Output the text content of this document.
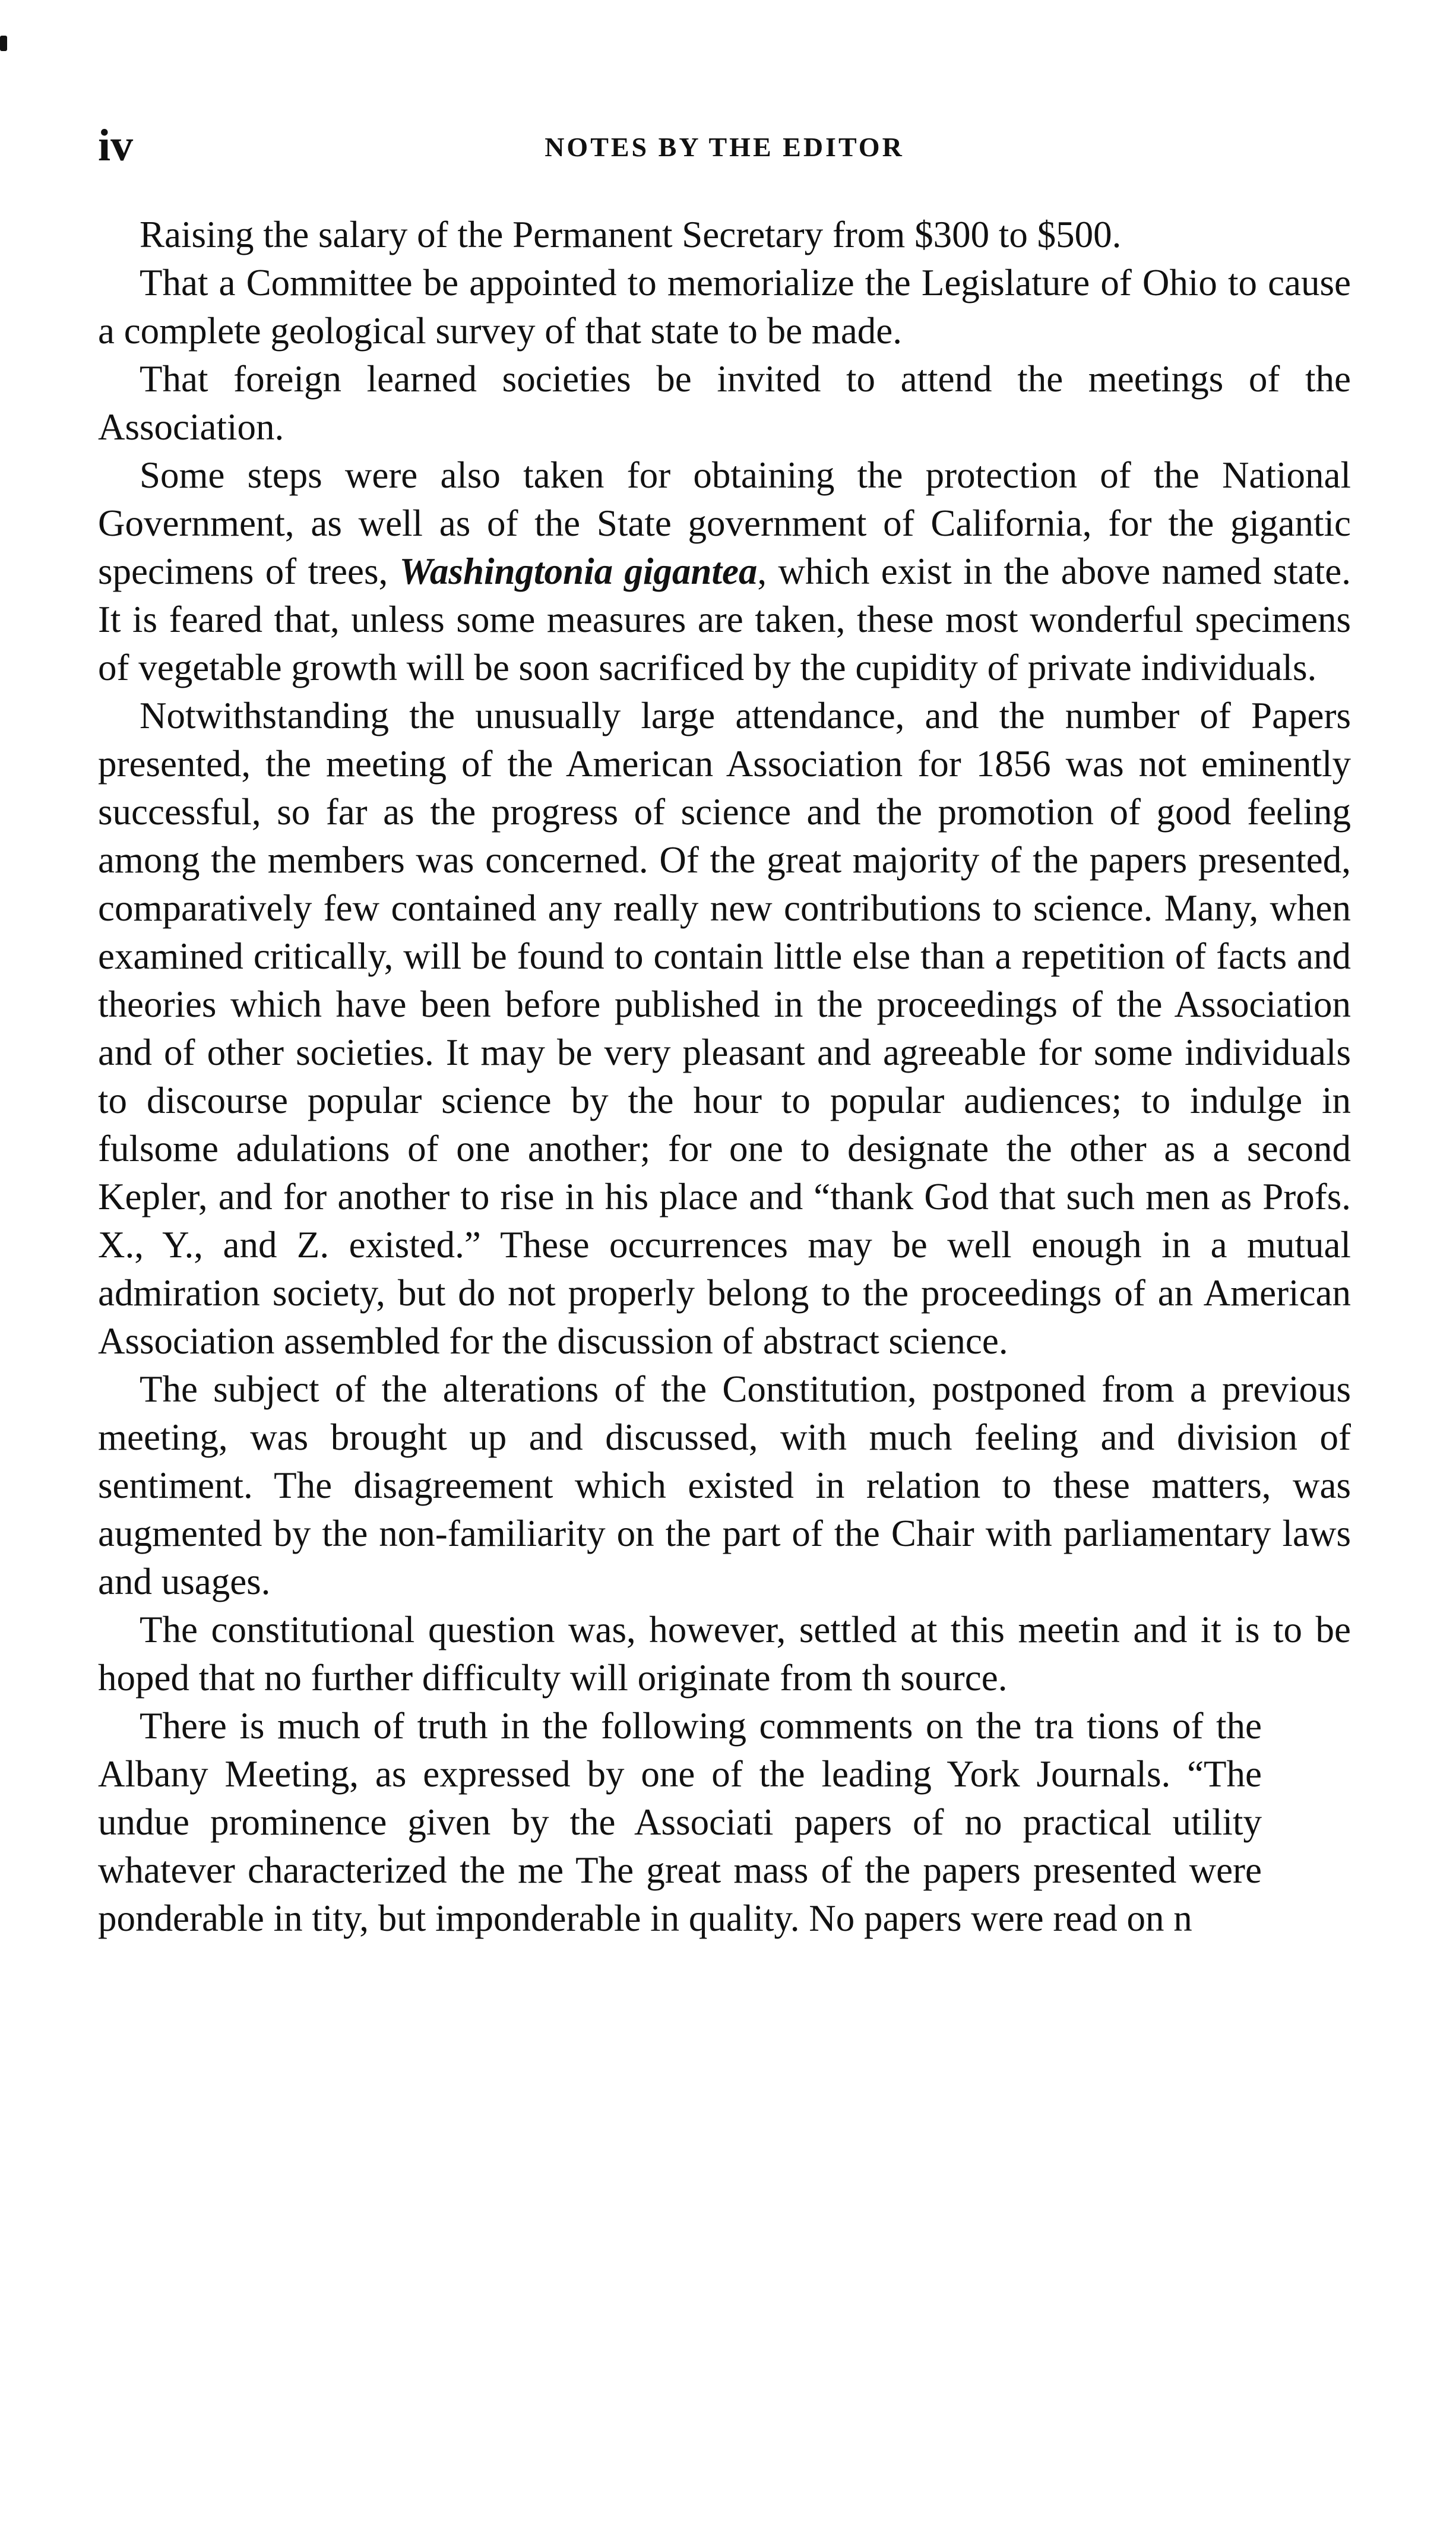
iv	NOTES BY THE EDITOR

Raising the salary of the Permanent Secretary from $300 to $500.

That a Committee be appointed to memorialize the Legislature of Ohio to cause a complete geological survey of that state to be made.

That foreign learned societies be invited to attend the meetings of the Association.

Some steps were also taken for obtaining the protection of the National Government, as well as of the State government of California, for the gigantic specimens of trees, Washingtonia gigantea, which exist in the above named state. It is feared that, unless some measures are taken, these most wonderful specimens of vegetable growth will be soon sacrificed by the cupidity of private individuals.

Notwithstanding the unusually large attendance, and the number of Papers presented, the meeting of the American Association for 1856 was not eminently successful, so far as the progress of science and the promotion of good feeling among the members was concerned. Of the great majority of the papers presented, comparatively few contained any really new contributions to science. Many, when examined critically, will be found to contain little else than a repetition of facts and theories which have been before published in the proceedings of the Association and of other societies. It may be very pleasant and agreeable for some individuals to discourse popular science by the hour to popular audiences; to indulge in fulsome adulations of one another; for one to designate the other as a second Kepler, and for another to rise in his place and “thank God that such men as Profs. X., Y., and Z. existed.” These occurrences may be well enough in a mutual admiration society, but do not properly belong to the proceedings of an American Association assembled for the discussion of abstract science.

The subject of the alterations of the Constitution, postponed from a previous meeting, was brought up and discussed, with much feeling and division of sentiment. The disagreement which existed in relation to these matters, was augmented by the non-familiarity on the part of the Chair with parliamentary laws and usages.

The constitutional question was, however, settled at this meetin and it is to be hoped that no further difficulty will originate from th source.

There is much of truth in the following comments on the tra tions of the Albany Meeting, as expressed by one of the leading York Journals. “The undue prominence given by the Associati papers of no practical utility whatever characterized the me The great mass of the papers presented were ponderable in tity, but imponderable in quality. No papers were read on n
